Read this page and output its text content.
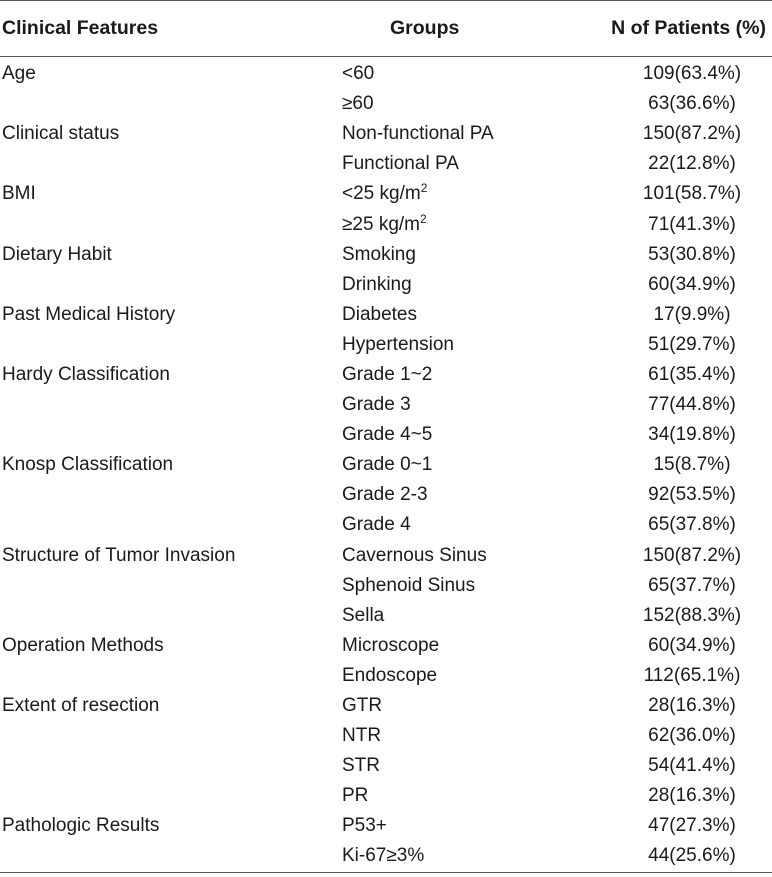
Clinical Features	Groups	N of Patients (%)
Age	<60	109(63.4%)
	≥60	63(36.6%)
Clinical status	Non-functional PA	150(87.2%)
	Functional PA	22(12.8%)
BMI	<25 $kg/m^2$	101(58.7%)
	≥25 $kg/m^2$	71(41.3%)
Dietary Habit	Smoking	53(30.8%)
	Drinking	60(34.9%)
Past Medical History	Diabetes	17(9.9%)
	Hypertension	51(29.7%)
Hardy Classification	Grade 1~2	61(35.4%)
	Grade 3	77(44.8%)
	Grade 4~5	34(19.8%)
Knosp Classification	Grade 0~1	15(8.7%)
	Grade 2-3	92(53.5%)
	Grade 4	65(37.8%)
Structure of Tumor Invasion	Cavernous Sinus	150(87.2%)
	Sphenoid Sinus	65(37.7%)
	Sella	152(88.3%)
Operation Methods	Microscope	60(34.9%)
	Endoscope	112(65.1%)
Extent of resection	GTR	28(16.3%)
	NTR	62(36.0%)
	STR	54(41.4%)
	PR	28(16.3%)
Pathologic Results	P53+	47(27.3%)
	Ki-67≥3%	44(25.6%)
